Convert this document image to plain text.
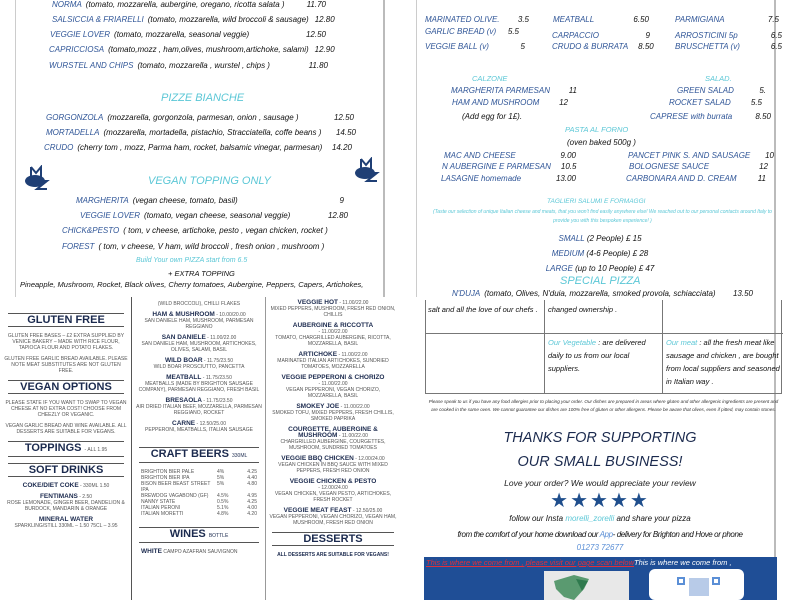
NORMA (tomato, mozzarella, aubergine, oregano, ricotta salata )	11.70
SALSICCIA & FRIARELLI (tomato, mozzarella, wild broccoli & sausage) 12.80
VEGGIE LOVER (tomato, mozzarella, seasonal veggie)	12.50
CAPRICCIOSA (tomato,mozz , ham,olives, mushroom,artichoke, salami) 12.90
WURSTEL AND CHIPS (tomato, mozzarella , wurstel , chips )	11.80
PIZZE BIANCHE
GORGONZOLA (mozzarella, gorgonzola, parmesan, onion , sausage )	12.50
MORTADELLA (mozzarella, mortadella, pistachio, Stracciatella, coffe beans )	14.50
CRUDO (cherry tom , mozz, Parma ham, rocket, balsamic vinegar, parmesan)	14.20
VEGAN TOPPING ONLY
MARGHERITA (vegan cheese, tomato, basil)	9
VEGGIE LOVER (tomato, vegan cheese, seasonal veggie)	12.80
CHICK&PESTO ( tom, v cheese, artichoke, pesto , vegan chicken, rocket )
FOREST ( tom, v cheese, V ham, wild broccoli , fresh onion , mushroom )
Build Your own PIZZA start from 6.5
+ EXTRA TOPPING
Pineapple, Mushroom, Rocket, Black olives, Cherry tomatoes, Aubergine, Peppers, Capers, Artichokes,
MARINATED OLIVE.	3.5	MEATBALL	6.50	PARMIGIANA	7.5
GARLIC BREAD (v)	5.5	CARPACCIO	9	ARROSTICINI 5p	6.5
VEGGIE BALL (v)	5	CRUDO & BURRATA	8.50	BRUSCHETTA (v)	6.5
CALZONE
MARGHERITA PARMESAN	11
HAM AND MUSHROOM	12
(Add egg for 1£).
SALAD.
GREEN SALAD	5.
ROCKET SALAD	5.5
CAPRESE with burrata	8.50
PASTA AL FORNO
(oven baked 500g )
MAC AND CHEESE	9.00	PANCET PINK S. AND SAUSAGE	10
N AUBERGINE E PARMESAN	10.5	BOLOGNESE SAUCE	12
LASAGNE homemade	13.00	CARBONARA AND D. CREAM	11
TAGLIERI SALUMI E FORMAGGI
(Taste our selection of unique Italian cheese and meats, that you won't find easily anywhere else! We reached out to our personal contacts around Italy to provide you with this bespoken experience! )
SMALL (2 People) £ 15
MEDIUM (4-6 People) £ 28
LARGE (up to 10 People) £ 47
SPECIAL PIZZA
N'DUJA (tomato, Olives, N'duia, mozzarella, smoked provola, schiacciata)	13.50
salt and all the love of our chefs .	changed ownership .
Our Vegetable : are delivered daily to us from our local suppliers.
Our meat : all the fresh meat like sausage and chicken , are bought from local suppliers and seasoned in Italian way .
Please speak to us if you have any food allergies prior to placing your order. Our dishes are prepared in areas where gluten and other allergenic ingredients are present and are cooked in the same oven. We cannot guarantee our dishes are 100% free of gluten or other allergens. Please be aware that olives, even if pitted, may contain stones.
THANKS FOR SUPPORTING
OUR SMALL BUSINESS!
Love your order? We would appreciate your review
★★★★★
follow our Insta morelli_zorelli and share your pizza
from the comfort of your home download our App- delivery for Brighton and Hove or phone
01273 72677
This is where we come from , please visit our page scan belowThis is where we come from ,
GLUTEN FREE
GLUTEN FREE BASES – £2 EXTRA SUPPLIED BY VENICE BAKERY – MADE WITH RICE FLOUR, TAPIOCA FLOUR AND POTATO FLAKES.
GLUTEN FREE GARLIC BREAD AVAILABLE. PLEASE NOTE MEAT SUBSTITUTES ARE NOT GLUTEN FREE.
VEGAN OPTIONS
PLEASE STATE IF YOU WANT TO SWAP TO VEGAN CHEESE AT NO EXTRA COST! CHOOSE FROM CHEEZLY OR VEGANIC.
VEGAN GARLIC BREAD AND WINE AVAILABLE. ALL DESSERTS ARE SUITABLE FOR VEGANS.
TOPPINGS - ALL 1.95
SOFT DRINKS
COKE/DIET COKE - 330ML 1.50
FENTIMANS - 2.50
ROSE LEMONADE, GINGER BEER, DANDELION & BURDOCK, MANDARIN & ORANGE
MINERAL WATER
SPARKLING/STILL 330ML – 1.50 75CL – 3.95
(WILD BROCCOLI), CHILLI FLAKES
HAM & MUSHROOM - 10.00/20.00
SAN DANIELE HAM, MUSHROOM, PARMESAN REGGIANO
SAN DANIELE - 11.00/22.00
SAN DANIELE HAM, MUSHROOM, ARTICHOKES, OLIVES, SALAMI, BASIL
WILD BOAR - 11.75/23.50
WILD BOAR PROSCIUTTO, PANCETTA
MEATBALL - 11.75/23.50
MEATBALLS (MADE BY BRIGHTON SAUSAGE COMPANY), PARMESAN REGGIANO, FRESH BASIL
BRESAOLA - 11.75/23.50
AIR DRIED ITALIAN BEEF, MOZZARELLA, PARMESAN REGGIANO, ROCKET
CARNE - 12.50/25.00
PEPPERONI, MEATBALLS, ITALIAN SAUSAGE
CRAFT BEERS 330ML
BRIGHTON BIER PALE	4%	4.25
BRIGHTON BIER IPA	5%	4.40
BISON BEER BEAST STREET IPA
5%	4.80
BREWDOG VAGABOND (GF)	4.5%	4.95
NANNY STATE	0.5%	4.25
ITALIAN PERONI	5.1%	4.00
ITALIAN MORETTI	4.8%	4.20
WINES BOTTLE
WHITE CAMPO AZAFRAN SAUVIGNON
VEGGIE HOT - 11.00/22.00
MIXED PEPPERS, MUSHROOM, FRESH RED ONION, CHILLIS
AUBERGINE & RICCOTTA
- 11.00/22.00
TOMATO, CHARGRILLED AUBERGINE, RICOTTA, MOZZARELLA, BASIL
ARTICHOKE - 11.00/22.00
MARINATED ITALIAN ARTICHOKES, SUNDRIED TOMATOES, MOZZARELLA
VEGGIE PEPPERONI & CHORIZO
- 11.00/22.00
VEGAN PEPPERONI, VEGAN CHORIZO, MOZZARELLA, BASIL
SMOKEY JOE - 11.00/22.00
SMOKED TOFU, MIXED PEPPERS, FRESH CHILLIS, SMOKED PAPRIKA
COURGETTE, AUBERGINE & MUSHROOM - 11.00/22.00
CHARGRILLED AUBERGINE, COURGETTES, MUSHROOM, SUNDRIED TOMATOES
VEGGIE BBQ CHICKEN - 12.00/24.00
VEGAN CHICKEN IN BBQ SAUCE WITH MIXED PEPPERS, FRESH RED ONION
VEGGIE CHICKEN & PESTO
- 12.00/24.00
VEGAN CHICKEN, VEGAN PESTO, ARTICHOKES, FRESH ROCKET
VEGGIE MEAT FEAST - 12.50/25.00
VEGAN PEPPERONI, VEGAN CHORIZO, VEGAN HAM, MUSHROOM, FRESH RED ONION
DESSERTS
ALL DESSERTS ARE SUITABLE FOR VEGANS!
